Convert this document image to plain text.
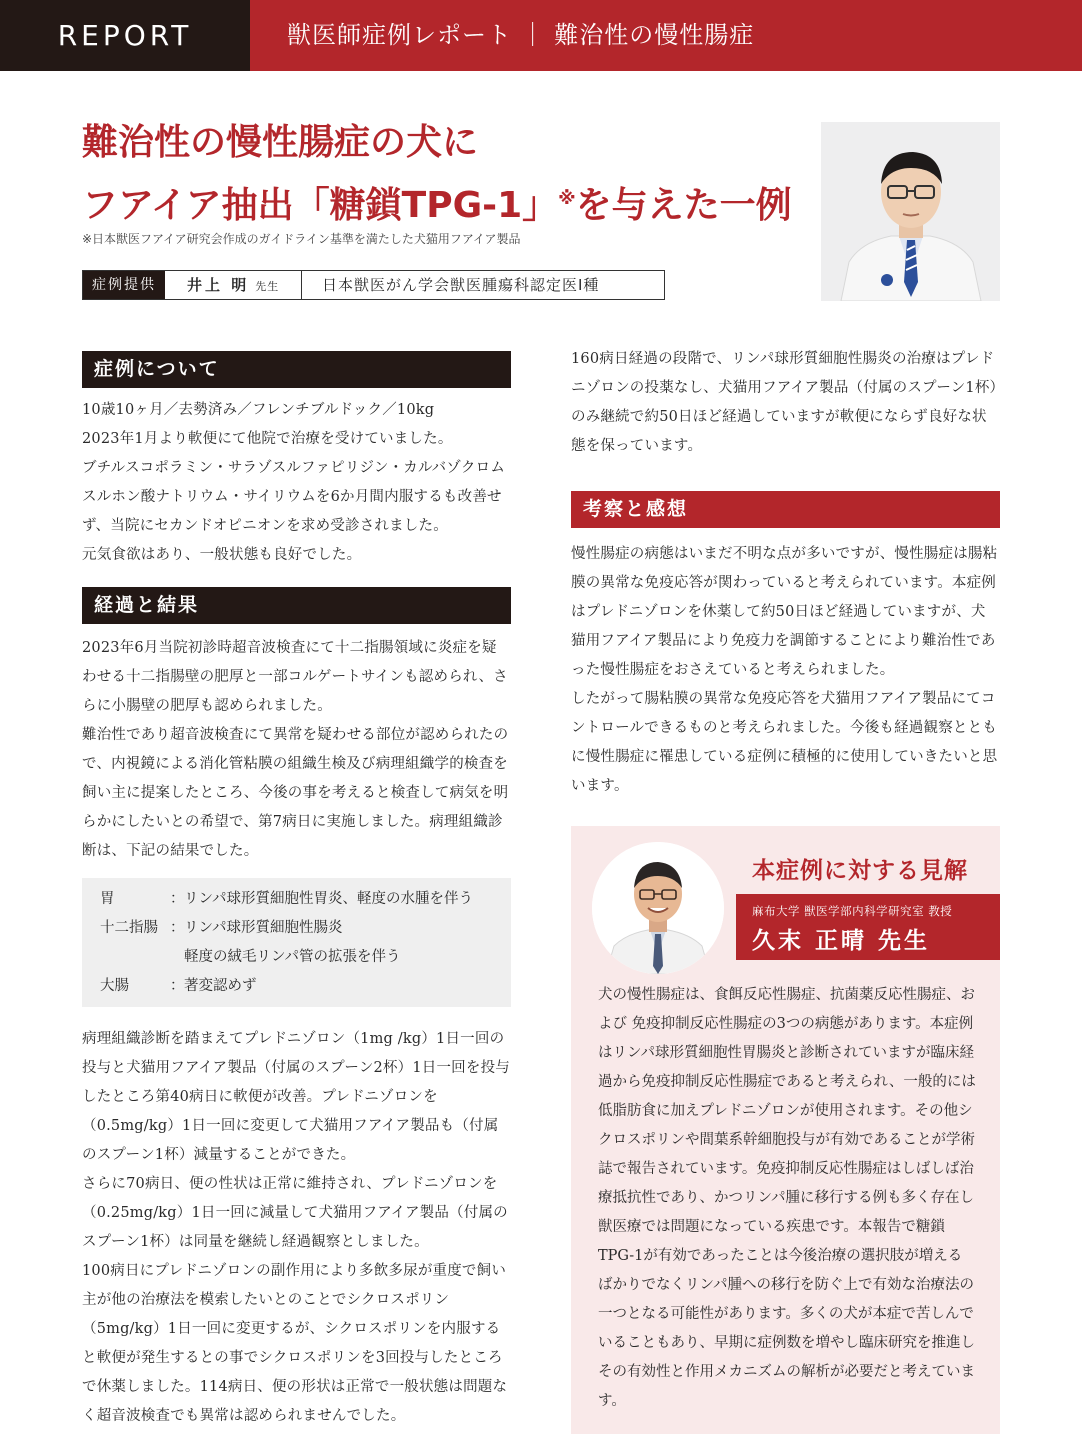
REPORT	獣医師症例レポート ｜ 難治性の慢性腸症
難治性の慢性腸症の犬に
フアイア抽出「糖鎖TPG-1」※を与えた一例
※日本獣医フアイア研究会作成のガイドライン基準を満たした犬猫用フアイア製品
症例提供	井上 明 先生	日本獣医がん学会獣医腫瘍科認定医Ⅰ種
症例について

10歳10ヶ月／去勢済み／フレンチブルドック／10kg

2023年1月より軟便にて他院で治療を受けていました。

ブチルスコポラミン・サラゾスルファピリジン・カルバゾクロムスルホン酸ナトリウム・サイリウムを6か月間内服するも改善せず、当院にセカンドオピニオンを求め受診されました。

元気食欲はあり、一般状態も良好でした。

経過と結果

2023年6月当院初診時超音波検査にて十二指腸領域に炎症を疑わせる十二指腸壁の肥厚と一部コルゲートサインも認められ、さらに小腸壁の肥厚も認められました。

難治性であり超音波検査にて異常を疑わせる部位が認められたので、内視鏡による消化管粘膜の組織生検及び病理組織学的検査を飼い主に提案したところ、今後の事を考えると検査して病気を明らかにしたいとの希望で、第7病日に実施しました。病理組織診断は、下記の結果でした。

胃	： リンパ球形質細胞性胃炎、軽度の水腫を伴う
十二指腸 ： リンパ球形質細胞性腸炎
軽度の絨毛リンパ管の拡張を伴う
大腸	： 著変認めず

病理組織診断を踏まえてプレドニゾロン（1mg /kg）1日一回の投与と犬猫用フアイア製品（付属のスプーン2杯）1日一回を投与したところ第40病日に軟便が改善。プレドニゾロンを（0.5mg/kg）1日一回に変更して犬猫用フアイア製品も（付属のスプーン1杯）減量することができた。

さらに70病日、便の性状は正常に維持され、プレドニゾロンを（0.25mg/kg）1日一回に減量して犬猫用フアイア製品（付属のスプーン1杯）は同量を継続し経過観察としました。

100病日にプレドニゾロンの副作用により多飲多尿が重度で飼い主が他の治療法を模索したいとのことでシクロスポリン（5mg/kg）1日一回に変更するが、シクロスポリンを内服すると軟便が発生するとの事でシクロスポリンを3回投与したところで休薬しました。114病日、便の形状は正常で一般状態は問題なく超音波検査でも異常は認められませんでした。

160病日経過の段階で、リンパ球形質細胞性腸炎の治療はプレドニゾロンの投薬なし、犬猫用フアイア製品（付属のスプーン1杯）のみ継続で約50日ほど経過していますが軟便にならず良好な状態を保っています。

考察と感想

慢性腸症の病態はいまだ不明な点が多いですが、慢性腸症は腸粘膜の異常な免疫応答が関わっていると考えられています。本症例はプレドニゾロンを休薬して約50日ほど経過していますが、犬猫用フアイア製品により免疫力を調節することにより難治性であった慢性腸症をおさえていると考えられました。

したがって腸粘膜の異常な免疫応答を犬猫用フアイア製品にてコントロールできるものと考えられました。今後も経過観察とともに慢性腸症に罹患している症例に積極的に使用していきたいと思います。

本症例に対する見解
麻布大学 獣医学部内科学研究室 教授
久末 正晴 先生

犬の慢性腸症は、食餌反応性腸症、抗菌薬反応性腸症、および 免疫抑制反応性腸症の3つの病態があります。本症例はリンパ球形質細胞性胃腸炎と診断されていますが臨床経過から免疫抑制反応性腸症であると考えられ、一般的には低脂肪食に加えプレドニゾロンが使用されます。その他シクロスポリンや間葉系幹細胞投与が有効であることが学術誌で報告されています。免疫抑制反応性腸症はしばしば治療抵抗性であり、かつリンパ腫に移行する例も多く存在し獣医療では問題になっている疾患です。本報告で糖鎖TPG-1が有効であったことは今後治療の選択肢が増えるばかりでなくリンパ腫への移行を防ぐ上で有効な治療法の一つとなる可能性があります。多くの犬が本症で苦しんでいることもあり、早期に症例数を増やし臨床研究を推進しその有効性と作用メカニズムの解析が必要だと考えています。
